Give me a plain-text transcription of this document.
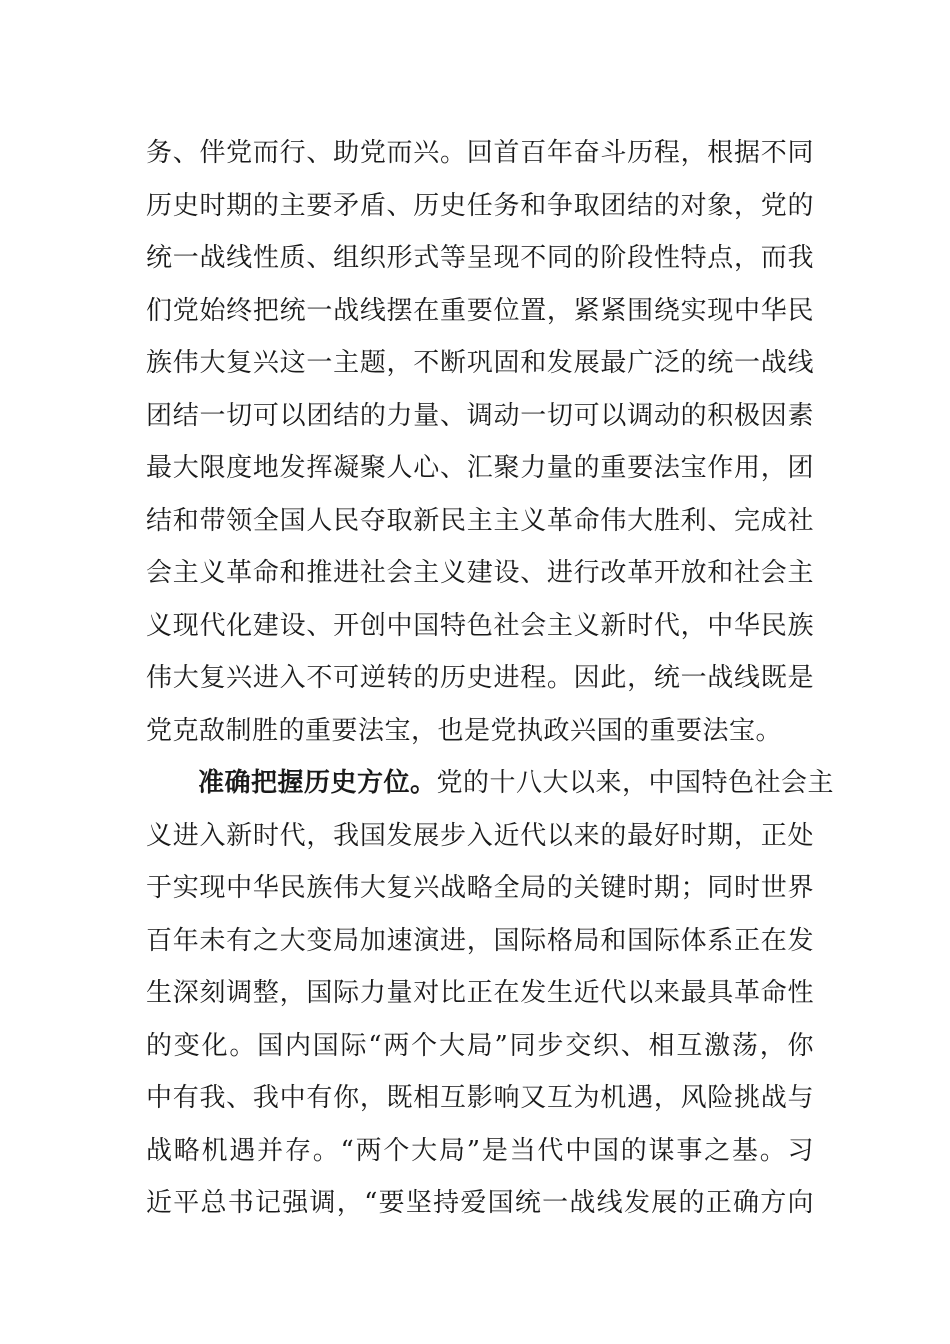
务、伴党而行、助党而兴。回首百年奋斗历程，根据不同
历史时期的主要矛盾、历史任务和争取团结的对象，党的
统一战线性质、组织形式等呈现不同的阶段性特点，而我
们党始终把统一战线摆在重要位置，紧紧围绕实现中华民
族伟大复兴这一主题，不断巩固和发展最广泛的统一战线
团结一切可以团结的力量、调动一切可以调动的积极因素
最大限度地发挥凝聚人心、汇聚力量的重要法宝作用，团
结和带领全国人民夺取新民主主义革命伟大胜利、完成社
会主义革命和推进社会主义建设、进行改革开放和社会主
义现代化建设、开创中国特色社会主义新时代，中华民族
伟大复兴进入不可逆转的历史进程。因此，统一战线既是
党克敌制胜的重要法宝，也是党执政兴国的重要法宝。
准确把握历史方位。党的十八大以来，中国特色社会主
义进入新时代，我国发展步入近代以来的最好时期，正处
于实现中华民族伟大复兴战略全局的关键时期；同时世界
百年未有之大变局加速演进，国际格局和国际体系正在发
生深刻调整，国际力量对比正在发生近代以来最具革命性
的变化。国内国际“两个大局”同步交织、相互激荡，你
中有我、我中有你，既相互影响又互为机遇，风险挑战与
战略机遇并存。“两个大局”是当代中国的谋事之基。习
近平总书记强调，“要坚持爱国统一战线发展的正确方向
